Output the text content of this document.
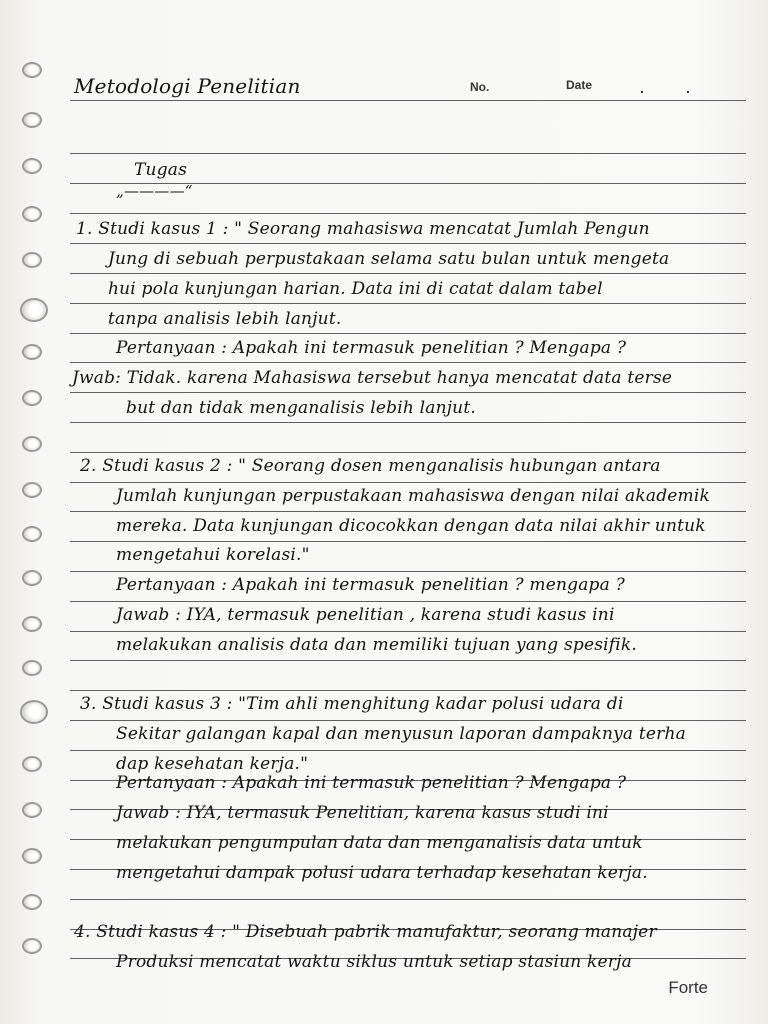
Metodologi Penelitian	No.	Date	.	.
Tugas
„————“
1. Studi kasus 1 : " Seorang mahasiswa mencatat Jumlah Pengun
Jung di sebuah perpustakaan selama satu bulan untuk mengeta
hui pola kunjungan harian. Data ini di catat dalam tabel
tanpa analisis lebih lanjut.
Pertanyaan : Apakah ini termasuk penelitian ? Mengapa ?
Jwab: Tidak. karena Mahasiswa tersebut hanya mencatat data terse
but dan tidak menganalisis lebih lanjut.
2. Studi kasus 2 : " Seorang dosen menganalisis hubungan antara
Jumlah kunjungan perpustakaan mahasiswa dengan nilai akademik
mereka. Data kunjungan dicocokkan dengan data nilai akhir untuk
mengetahui korelasi."
Pertanyaan : Apakah ini termasuk penelitian ? mengapa ?
Jawab : IYA, termasuk penelitian , karena studi kasus ini
melakukan analisis data dan memiliki tujuan yang spesifik.
3. Studi kasus 3 : "Tim ahli menghitung kadar polusi udara di
Sekitar galangan kapal dan menyusun laporan dampaknya terha
dap kesehatan kerja."
Pertanyaan : Apakah ini termasuk penelitian ? Mengapa ?
Jawab : IYA, termasuk Penelitian, karena kasus studi ini
melakukan pengumpulan data dan menganalisis data untuk
mengetahui dampak polusi udara terhadap kesehatan kerja.
4. Studi kasus 4 : " Disebuah pabrik manufaktur, seorang manajer
Produksi mencatat waktu siklus untuk setiap stasiun kerja
Forte
